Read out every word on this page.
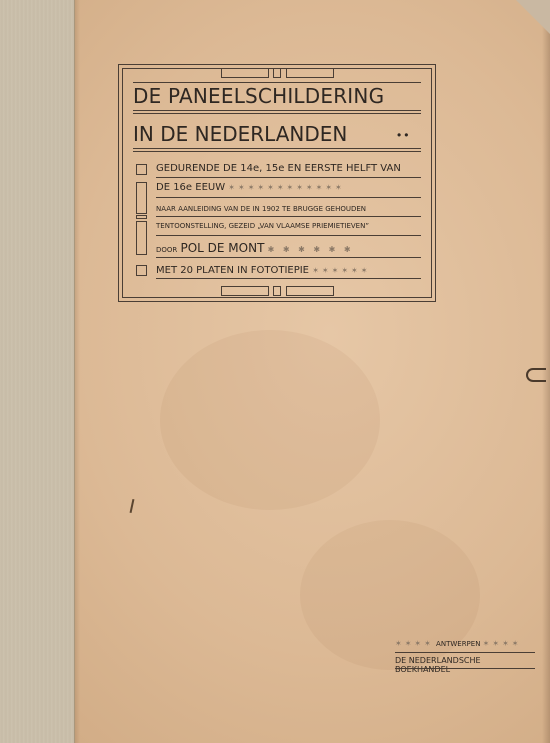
DE PANEELSCHILDERING
IN DE NEDERLANDEN	••
GEDURENDE DE 14e, 15e EN EERSTE HELFT VAN
DE 16e EEUW ✶✶✶✶✶✶✶✶✶✶✶✶
NAAR AANLEIDING VAN DE IN 1902 TE BRUGGE GEHOUDEN
TENTOONSTELLING, GEZEID „VAN VLAAMSE PRIEMIETIEVEN”
DOOR POL DE MONT ✱ ✱ ✱ ✱ ✱ ✱
MET 20 PLATEN IN FOTOTIEPIE ✶✶✶✶✶✶
✶✶✶✶ ANTWERPEN ✶✶✶✶
DE NEDERLANDSCHE BOEKHANDEL
